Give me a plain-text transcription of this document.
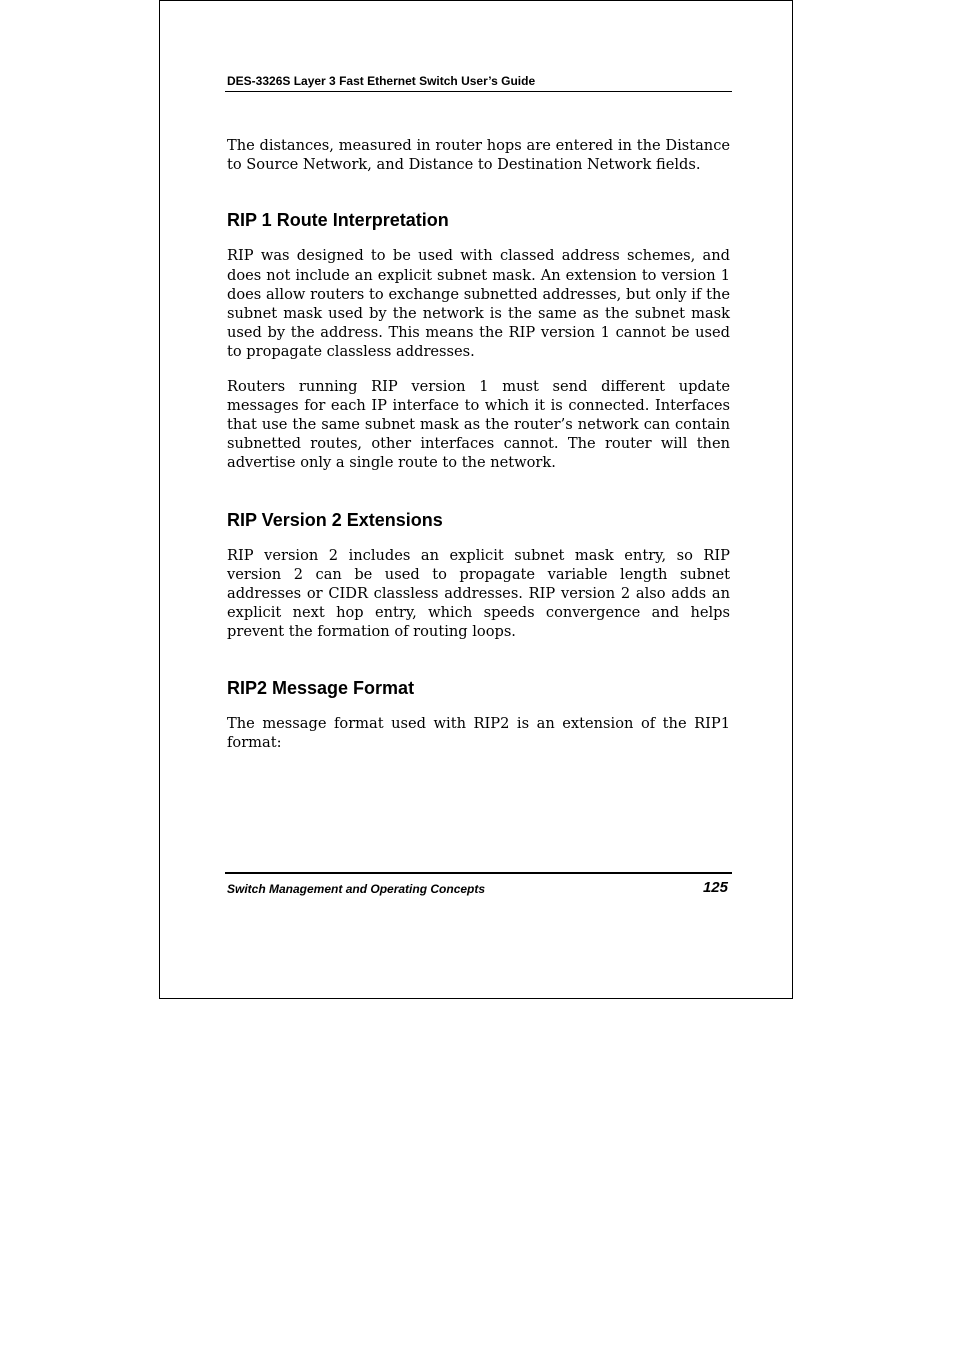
DES-3326S Layer 3 Fast Ethernet Switch User’s Guide

The distances, measured in router hops are entered in the Distance to Source Network, and Distance to Destination Network fields.

RIP 1 Route Interpretation

RIP was designed to be used with classed address schemes, and does not include an explicit subnet mask. An extension to version 1 does allow routers to exchange subnetted addresses, but only if the subnet mask used by the network is the same as the subnet mask used by the address. This means the RIP version 1 cannot be used to propagate classless addresses.

Routers running RIP version 1 must send different update messages for each IP interface to which it is connected. Interfaces that use the same subnet mask as the router’s network can contain subnetted routes, other interfaces cannot. The router will then advertise only a single route to the network.

RIP Version 2 Extensions

RIP version 2 includes an explicit subnet mask entry, so RIP version 2 can be used to propagate variable length subnet addresses or CIDR classless addresses. RIP version 2 also adds an explicit next hop entry, which speeds convergence and helps prevent the formation of routing loops.

RIP2 Message Format

The message format used with RIP2 is an extension of the RIP1 format:

Switch Management and Operating Concepts	125
